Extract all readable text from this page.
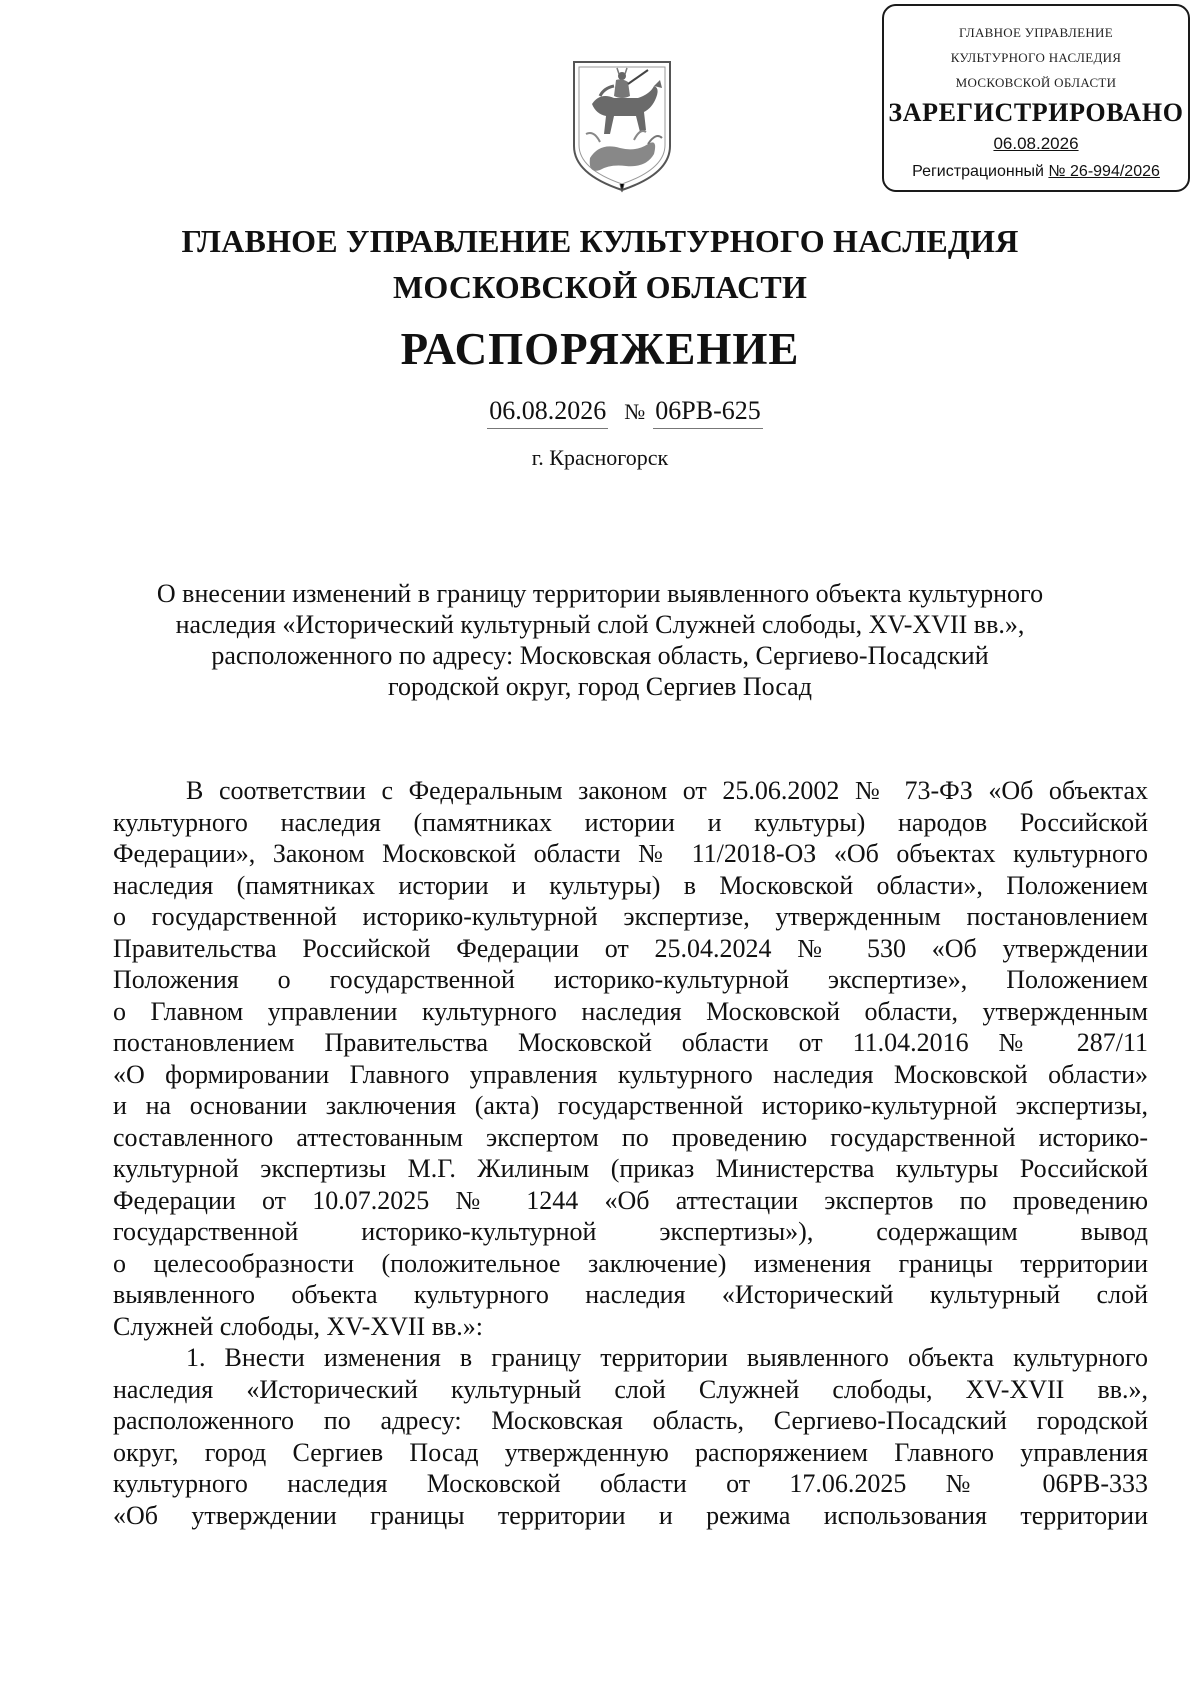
ГЛАВНОЕ УПРАВЛЕНИЕ
КУЛЬТУРНОГО НАСЛЕДИЯ
МОСКОВСКОЙ ОБЛАСТИ
ЗАРЕГИСТРИРОВАНО
06.08.2026
Регистрационный № 26-994/2026
ГЛАВНОЕ УПРАВЛЕНИЕ КУЛЬТУРНОГО НАСЛЕДИЯ
МОСКОВСКОЙ ОБЛАСТИ
РАСПОРЯЖЕНИЕ
06.08.2026 № 06РВ-625
г. Красногорск
О внесении изменений в границу территории выявленного объекта культурного
наследия «Исторический культурный слой Служней слободы, XV-XVII вв.»,
расположенного по адресу: Московская область, Сергиево-Посадский
городской округ, город Сергиев Посад
В соответствии с Федеральным законом от 25.06.2002 № 73-ФЗ «Об объектах
культурного наследия (памятниках истории и культуры) народов Российской
Федерации», Законом Московской области № 11/2018-ОЗ «Об объектах культурного
наследия (памятниках истории и культуры) в Московской области», Положением
о государственной историко-культурной экспертизе, утвержденным постановлением
Правительства Российской Федерации от 25.04.2024 № 530 «Об утверждении
Положения о государственной историко-культурной экспертизе», Положением
о Главном управлении культурного наследия Московской области, утвержденным
постановлением Правительства Московской области от 11.04.2016 № 287/11
«О формировании Главного управления культурного наследия Московской области»
и на основании заключения (акта) государственной историко-культурной экспертизы,
составленного аттестованным экспертом по проведению государственной историко-
культурной экспертизы М.Г. Жилиным (приказ Министерства культуры Российской
Федерации от 10.07.2025 № 1244 «Об аттестации экспертов по проведению
государственной историко-культурной экспертизы»), содержащим вывод
о целесообразности (положительное заключение) изменения границы территории
выявленного объекта культурного наследия «Исторический культурный слой
Служней слободы, XV-XVII вв.»:
1. Внести изменения в границу территории выявленного объекта культурного
наследия «Исторический культурный слой Служней слободы, XV-XVII вв.»,
расположенного по адресу: Московская область, Сергиево-Посадский городской
округ, город Сергиев Посад утвержденную распоряжением Главного управления
культурного наследия Московской области от 17.06.2025 № 06РВ-333
«Об утверждении границы территории и режима использования территории
